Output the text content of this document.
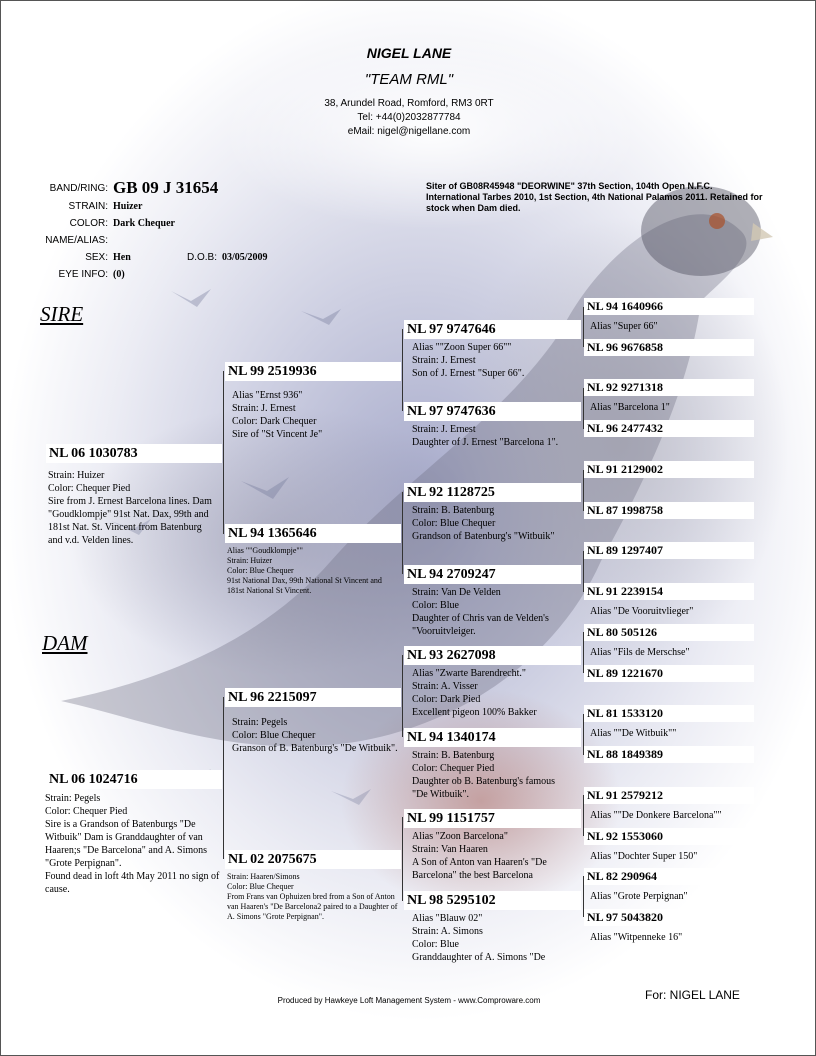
NIGEL LANE
"TEAM RML"
38, Arundel Road, Romford, RM3 0RT
Tel: +44(0)2032877784
eMail: nigel@nigellane.com
BAND/RING: GB 09 J 31654
STRAIN: Huizer
COLOR: Dark Chequer
NAME/ALIAS:
SEX: Hen	D.O.B: 03/05/2009
EYE INFO: (0)
Siter of GB08R45948 "DEORWINE" 37th Section, 104th Open N.F.C. International Tarbes 2010, 1st Section, 4th National Palamos 2011. Retained for stock when Dam died.
SIRE
DAM
NL 06 1030783
Strain: Huizer
Color: Chequer Pied
Sire from J. Ernest Barcelona lines. Dam "Goudklompje" 91st Nat. Dax, 99th and 181st Nat. St. Vincent from Batenburg and v.d. Velden lines.
NL 06 1024716
Strain: Pegels
Color: Chequer Pied
Sire is a Grandson of Batenburgs "De Witbuik" Dam is Granddaughter of van Haaren;s "De Barcelona" and A. Simons "Grote Perpignan".
Found dead in loft 4th May 2011 no sign of cause.
NL 99 2519936
Alias "Ernst 936"
Strain: J. Ernest
Color: Dark Chequer
Sire of "St Vincent Je"
NL 94 1365646
Alias ""Goudklompje""
Strain: Huizer
Color: Blue Chequer
91st National Dax, 99th National St Vincent and 181st National St Vincent.
NL 96 2215097
Strain: Pegels
Color: Blue Chequer
Granson of B. Batenburg's "De Witbuik".
NL 02 2075675
Strain: Haaren/Simons
Color: Blue Chequer
From Frans van Ophuizen bred from a Son of Anton van Haaren's "De Barcelona2 paired to a Daughter of A. Simons "Grote Perpignan".
NL 97 9747646
Alias ""Zoon Super 66""
Strain: J. Ernest
Son of J. Ernest "Super 66".
NL 97 9747636
Strain: J. Ernest
Daughter of J. Ernest "Barcelona 1".
NL 92 1128725
Strain: B. Batenburg
Color: Blue Chequer
Grandson of Batenburg's "Witbuik"
NL 94 2709247
Strain: Van De Velden
Color: Blue
Daughter of Chris van de Velden's "Vooruitvleiger.
NL 93 2627098
Alias "Zwarte Barendrecht."
Strain: A. Visser
Color: Dark Pied
Excellent pigeon 100% Bakker
NL 94 1340174
Strain: B. Batenburg
Color: Chequer Pied
Daughter ob B. Batenburg's famous "De Witbuik".
NL 99 1151757
Alias "Zoon Barcelona"
Strain: Van Haaren
A Son of Anton van Haaren's "De Barcelona" the best Barcelona
NL 98 5295102
Alias "Blauw 02"
Strain: A. Simons
Color: Blue
Granddaughter of A. Simons "De
NL 94 1640966
Alias "Super 66"
NL 96 9676858
NL 92 9271318
Alias "Barcelona 1"
NL 96 2477432
NL 91 2129002
NL 87 1998758
NL 89 1297407
NL 91 2239154
Alias "De Vooruitvlieger"
NL 80 505126
Alias "Fils de Merschse"
NL 89 1221670
NL 81 1533120
Alias ""De Witbuik""
NL 88 1849389
NL 91 2579212
Alias ""De Donkere Barcelona""
NL 92 1553060
Alias "Dochter Super 150"
NL 82 290964
Alias "Grote Perpignan"
NL 97 5043820
Alias "Witpenneke 16"
Produced by Hawkeye Loft Management System - www.Comproware.com	For: NIGEL LANE
